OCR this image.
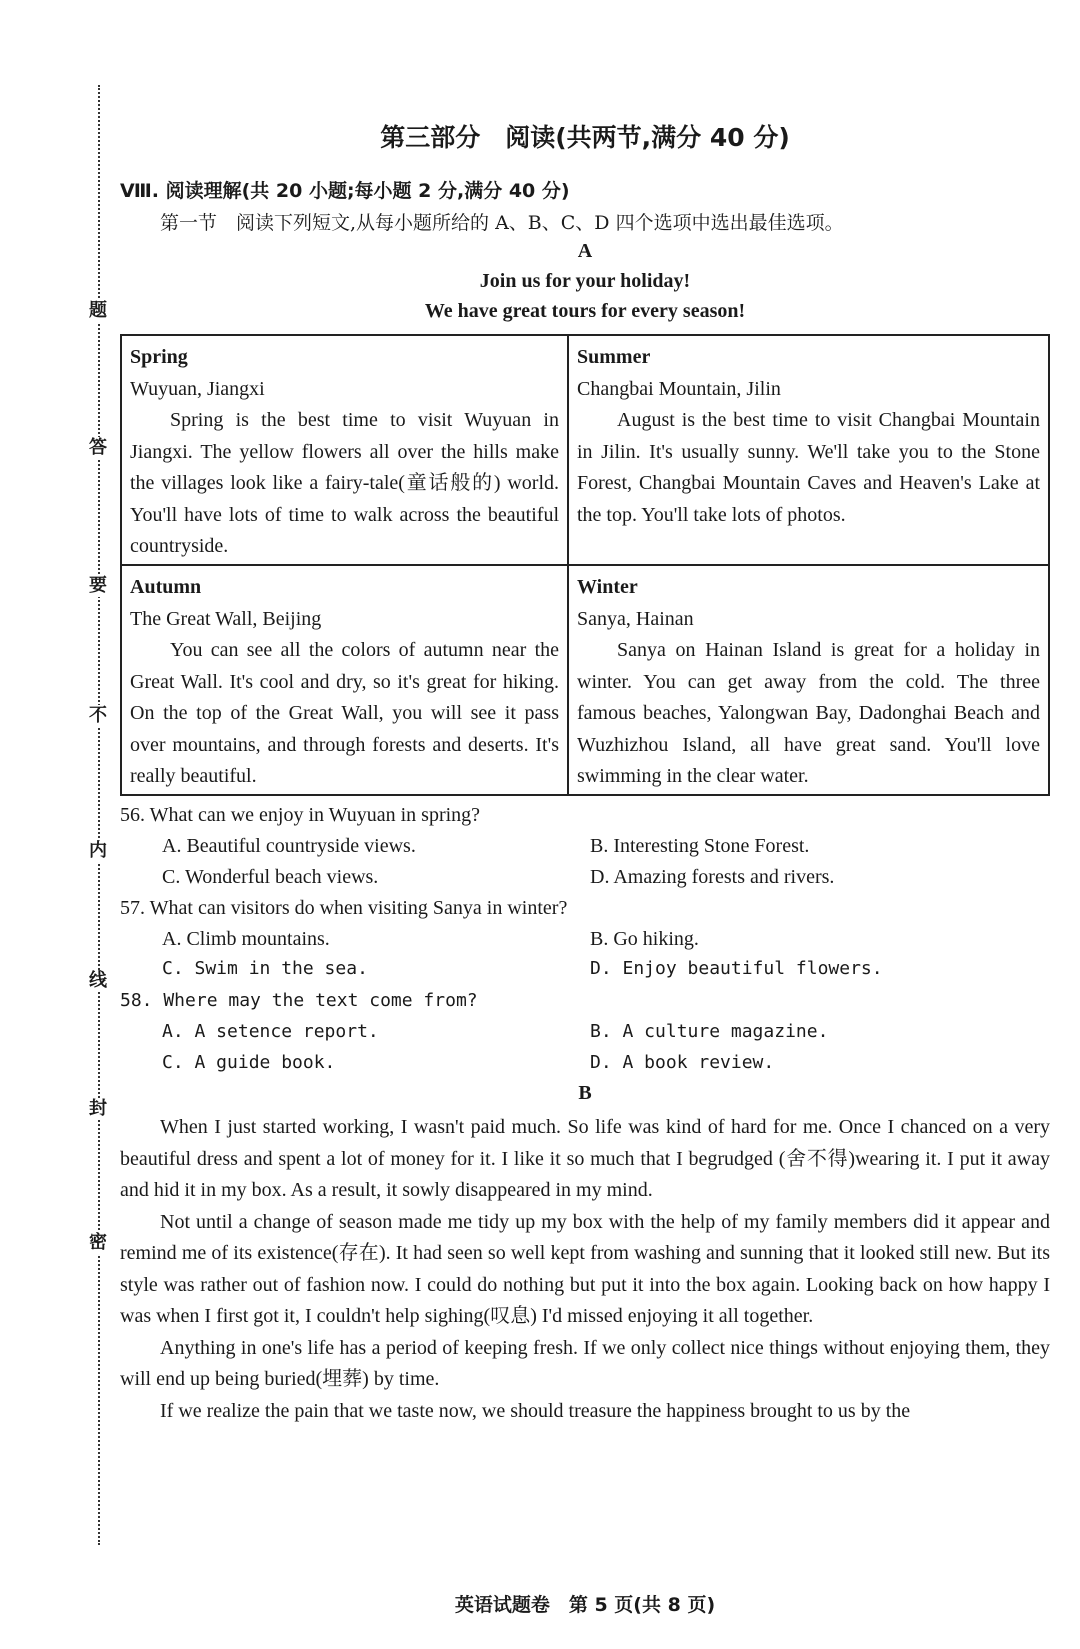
题
答
要
不
内
线
封
密
第三部分　阅读(共两节,满分 40 分)
Ⅷ. 阅读理解(共 20 小题;每小题 2 分,满分 40 分)
第一节　阅读下列短文,从每小题所给的 A、B、C、D 四个选项中选出最佳选项。
A
Join us for your holiday!
We have great tours for every season!
Spring
Wuyuan, Jiangxi
Spring is the best time to visit Wuyuan in Jiangxi. The yellow flowers all over the hills make the villages look like a fairy-tale(童话般的) world. You'll have lots of time to walk across the beautiful countryside.
Summer
Changbai Mountain, Jilin
August is the best time to visit Changbai Mountain in Jilin. It's usually sunny. We'll take you to the Stone Forest, Changbai Mountain Caves and Heaven's Lake at the top. You'll take lots of photos.
Autumn
The Great Wall, Beijing
You can see all the colors of autumn near the Great Wall. It's cool and dry, so it's great for hiking. On the top of the Great Wall, you will see it pass over mountains, and through forests and deserts. It's really beautiful.
Winter
Sanya, Hainan
Sanya on Hainan Island is great for a holiday in winter. You can get away from the cold. The three famous beaches, Yalongwan Bay, Dadonghai Beach and Wuzhizhou Island, all have great sand. You'll love swimming in the clear water.
56. What can we enjoy in Wuyuan in spring?
A. Beautiful countryside views.	B. Interesting Stone Forest.
C. Wonderful beach views.	D. Amazing forests and rivers.
57. What can visitors do when visiting Sanya in winter?
A. Climb mountains.	B. Go hiking.
C. Swim in the sea.	D. Enjoy beautiful flowers.
58. Where may the text come from?
A. A setence report.	B. A culture magazine.
C. A guide book.	D. A book review.
B

When I just started working, I wasn't paid much. So life was kind of hard for me. Once I chanced on a very beautiful dress and spent a lot of money for it. I like it so much that I begrudged (舍不得)wearing it. I put it away and hid it in my box. As a result, it sowly disappeared in my mind.

Not until a change of season made me tidy up my box with the help of my family members did it appear and remind me of its existence(存在). It had seen so well kept from washing and sunning that it looked still new. But its style was rather out of fashion now. I could do nothing but put it into the box again. Looking back on how happy I was when I first got it, I couldn't help sighing(叹息) I'd missed enjoying it all together.

Anything in one's life has a period of keeping fresh. If we only collect nice things without enjoying them, they will end up being buried(埋葬) by time.

If we realize the pain that we taste now, we should treasure the happiness brought to us by the

英语试题卷　第 5 页(共 8 页)
